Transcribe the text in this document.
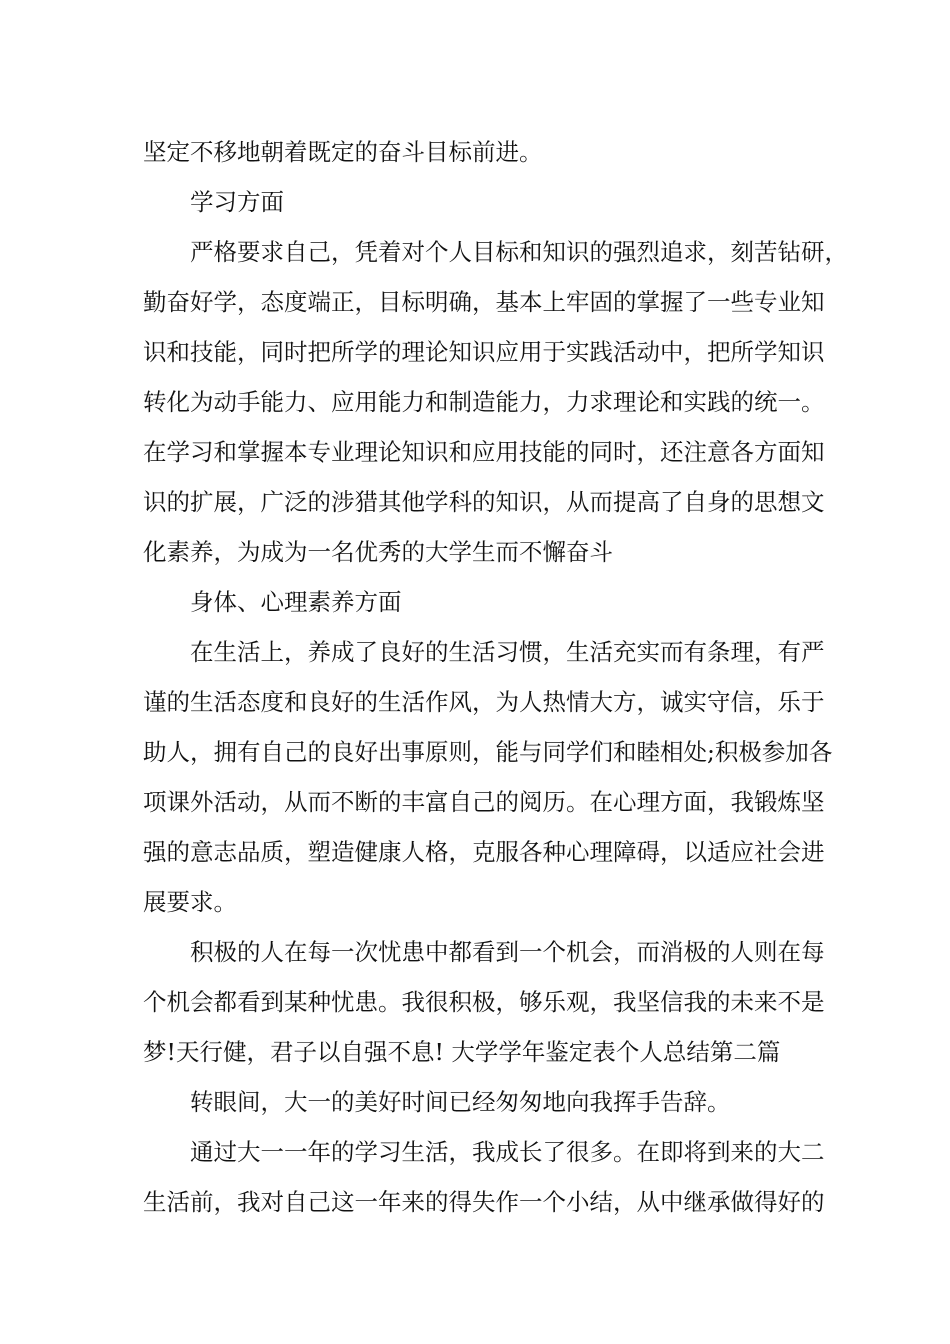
坚定不移地朝着既定的奋斗目标前进。
学习方面
严格要求自己，凭着对个人目标和知识的强烈追求，刻苦钻研，
勤奋好学，态度端正，目标明确，基本上牢固的掌握了一些专业知
识和技能，同时把所学的理论知识应用于实践活动中，把所学知识
转化为动手能力、应用能力和制造能力，力求理论和实践的统一。
在学习和掌握本专业理论知识和应用技能的同时，还注意各方面知
识的扩展，广泛的涉猎其他学科的知识，从而提高了自身的思想文
化素养，为成为一名优秀的大学生而不懈奋斗
身体、心理素养方面
在生活上，养成了良好的生活习惯，生活充实而有条理，有严
谨的生活态度和良好的生活作风，为人热情大方，诚实守信，乐于
助人，拥有自己的良好出事原则，能与同学们和睦相处;积极参加各
项课外活动，从而不断的丰富自己的阅历。在心理方面，我锻炼坚
强的意志品质，塑造健康人格，克服各种心理障碍，以适应社会进
展要求。
积极的人在每一次忧患中都看到一个机会，而消极的人则在每
个机会都看到某种忧患。我很积极，够乐观，我坚信我的未来不是
梦!天行健，君子以自强不息! 大学学年鉴定表个人总结第二篇
转眼间，大一的美好时间已经匆匆地向我挥手告辞。
通过大一一年的学习生活，我成长了很多。在即将到来的大二
生活前，我对自己这一年来的得失作一个小结，从中继承做得好的
